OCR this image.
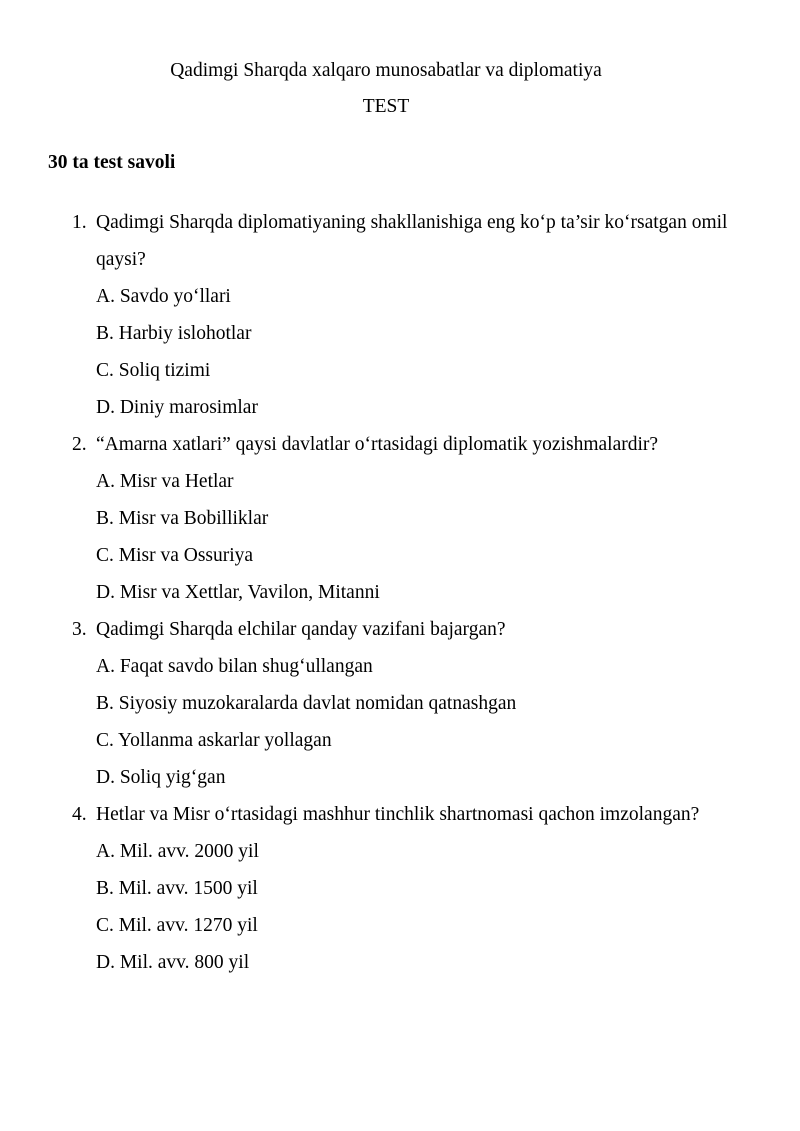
Qadimgi Sharqda xalqaro munosabatlar va diplomatiya
TEST
30 ta test savoli
1. Qadimgi Sharqda diplomatiyaning shakllanishiga eng ko‘p ta’sir ko‘rsatgan omil qaysi?
A. Savdo yo‘llari
B. Harbiy islohotlar
C. Soliq tizimi
D. Diniy marosimlar
2. “Amarna xatlari” qaysi davlatlar o‘rtasidagi diplomatik yozishmalardir?
A. Misr va Hetlar
B. Misr va Bobilliklar
C. Misr va Ossuriya
D. Misr va Xettlar, Vavilon, Mitanni
3. Qadimgi Sharqda elchilar qanday vazifani bajargan?
A. Faqat savdo bilan shug‘ullangan
B. Siyosiy muzokaralarda davlat nomidan qatnashgan
C. Yollanma askarlar yollagan
D. Soliq yig‘gan
4. Hetlar va Misr o‘rtasidagi mashhur tinchlik shartnomasi qachon imzolangan?
A. Mil. avv. 2000 yil
B. Mil. avv. 1500 yil
C. Mil. avv. 1270 yil
D. Mil. avv. 800 yil
